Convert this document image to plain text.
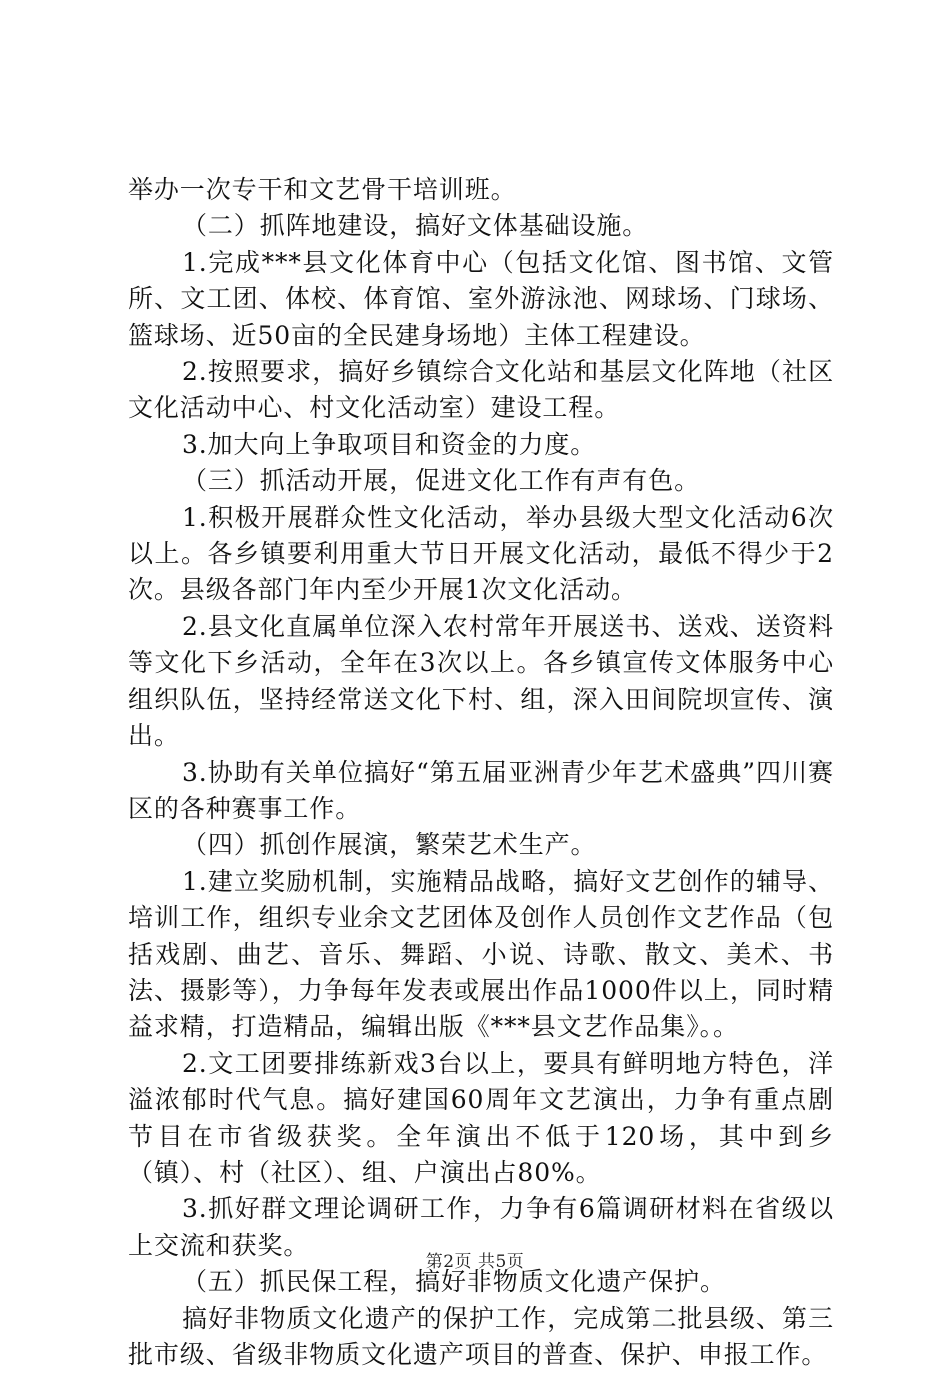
举办一次专干和文艺骨干培训班。

（二）抓阵地建设，搞好文体基础设施。

1.完成***县文化体育中心（包括文化馆、图书馆、文管所、文工团、体校、体育馆、室外游泳池、网球场、门球场、篮球场、近50亩的全民建身场地）主体工程建设。

2.按照要求，搞好乡镇综合文化站和基层文化阵地（社区文化活动中心、村文化活动室）建设工程。

3.加大向上争取项目和资金的力度。

（三）抓活动开展，促进文化工作有声有色。

1.积极开展群众性文化活动，举办县级大型文化活动6次以上。各乡镇要利用重大节日开展文化活动，最低不得少于2次。县级各部门年内至少开展1次文化活动。

2.县文化直属单位深入农村常年开展送书、送戏、送资料等文化下乡活动，全年在3次以上。各乡镇宣传文体服务中心组织队伍，坚持经常送文化下村、组，深入田间院坝宣传、演出。

3.协助有关单位搞好“第五届亚洲青少年艺术盛典”四川赛区的各种赛事工作。

（四）抓创作展演，繁荣艺术生产。

1.建立奖励机制，实施精品战略，搞好文艺创作的辅导、培训工作，组织专业余文艺团体及创作人员创作文艺作品（包括戏剧、曲艺、音乐、舞蹈、小说、诗歌、散文、美术、书法、摄影等），力争每年发表或展出作品1000件以上，同时精益求精，打造精品，编辑出版《***县文艺作品集》。。

2.文工团要排练新戏3台以上，要具有鲜明地方特色，洋溢浓郁时代气息。搞好建国60周年文艺演出，力争有重点剧节目在市省级获奖。全年演出不低于120场，其中到乡（镇）、村（社区）、组、户演出占80%。

3.抓好群文理论调研工作，力争有6篇调研材料在省级以上交流和获奖。

（五）抓民保工程，搞好非物质文化遗产保护。

搞好非物质文化遗产的保护工作，完成第二批县级、第三批市级、省级非物质文化遗产项目的普查、保护、申报工作。

第2页 共5页
